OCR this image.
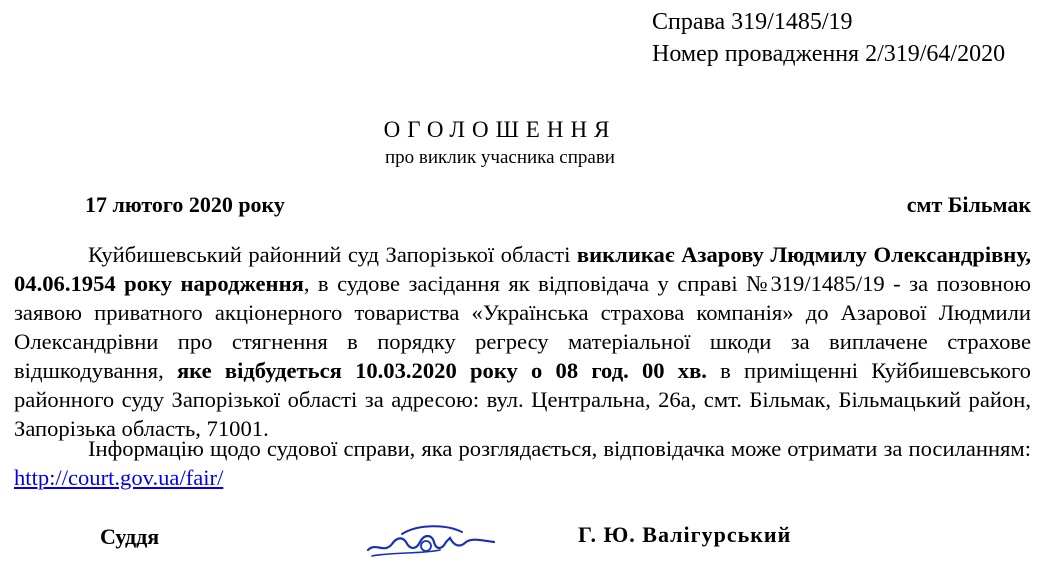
Справа 319/1485/19
Номер провадження 2/319/64/2020
ОГОЛОШЕННЯ
про виклик учасника справи
17 лютого 2020 року	смт Більмак
Куйбишевський районний суд Запорізької області викликає Азарову Людмилу Олександрівну, 04.06.1954 року народження, в судове засідання як відповідача у справі №319/1485/19 - за позовною заявою приватного акціонерного товариства «Українська страхова компанія» до Азарової Людмили Олександрівни про стягнення в порядку регресу матеріальної шкоди за виплачене страхове відшкодування, яке відбудеться 10.03.2020 року о 08 год. 00 хв. в приміщенні Куйбишевського районного суду Запорізької області за адресою: вул. Центральна, 26а, смт. Більмак, Більмацький район, Запорізька область, 71001.
Інформацію щодо судової справи, яка розглядається, відповідачка може отримати за посиланням: http://court.gov.ua/fair/
Суддя	Г. Ю. Валігурський
